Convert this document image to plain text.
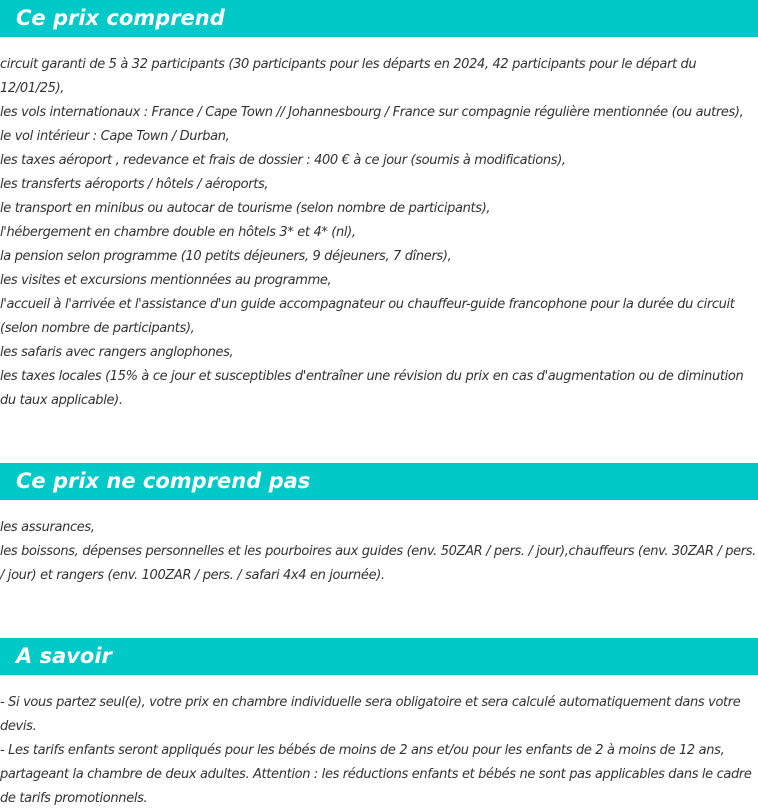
Ce prix comprend

circuit garanti de 5 à 32 participants (30 participants pour les départs en 2024, 42 participants pour le départ du 12/01/25),

les vols internationaux : France / Cape Town // Johannesbourg / France sur compagnie régulière mentionnée (ou autres),

le vol intérieur : Cape Town / Durban,

les taxes aéroport , redevance et frais de dossier : 400 € à ce jour (soumis à modifications),

les transferts aéroports / hôtels / aéroports,

le transport en minibus ou autocar de tourisme (selon nombre de participants),

l'hébergement en chambre double en hôtels 3* et 4* (nl),

la pension selon programme (10 petits déjeuners, 9 déjeuners, 7 dîners),

les visites et excursions mentionnées au programme,

l'accueil à l'arrivée et l'assistance d'un guide accompagnateur ou chauffeur-guide francophone pour la durée du circuit (selon nombre de participants),

les safaris avec rangers anglophones,

les taxes locales (15% à ce jour et susceptibles d'entraîner une révision du prix en cas d'augmentation ou de diminution du taux applicable).

Ce prix ne comprend pas

les assurances,

les boissons, dépenses personnelles et les pourboires aux guides (env. 50ZAR / pers. / jour),chauffeurs (env. 30ZAR / pers. / jour) et rangers (env. 100ZAR / pers. / safari 4x4 en journée).

A savoir

- Si vous partez seul(e), votre prix en chambre individuelle sera obligatoire et sera calculé automatiquement dans votre devis.

- Les tarifs enfants seront appliqués pour les bébés de moins de 2 ans et/ou pour les enfants de 2 à moins de 12 ans, partageant la chambre de deux adultes. Attention : les réductions enfants et bébés ne sont pas applicables dans le cadre de tarifs promotionnels.
